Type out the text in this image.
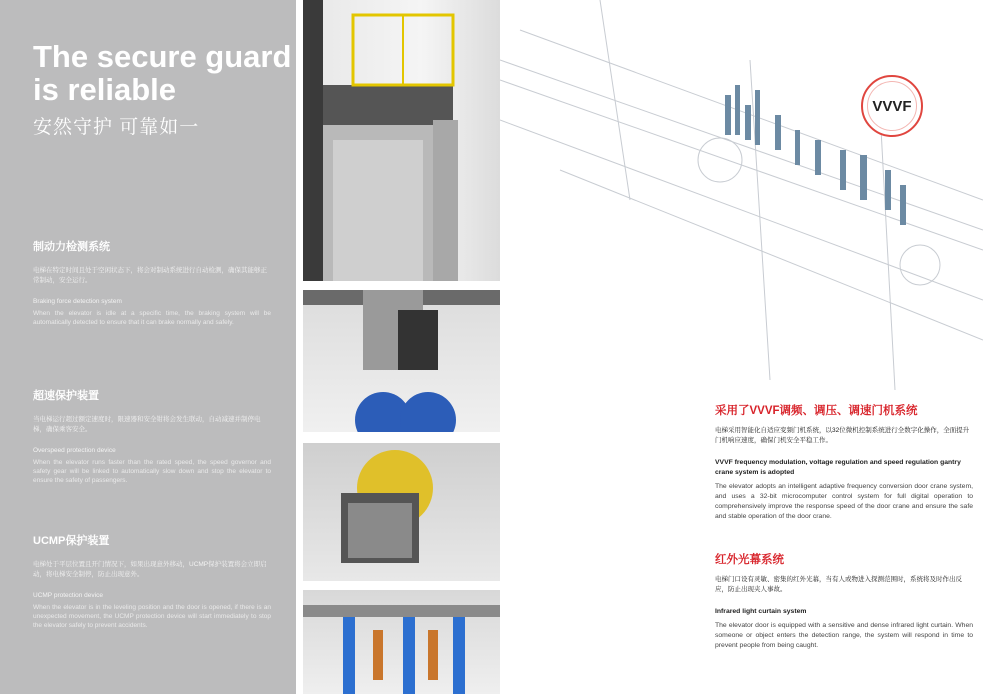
The secure guard is reliable
安然守护 可靠如一
制动力检测系统

电梯在特定时间且处于空闲状态下，将会对制动系统进行自动检测，确保其能够正常制动，安全运行。

Braking force detection system

When the elevator is idle at a specific time, the braking system will be automatically detected to ensure that it can brake normally and safely.

超速保护装置

当电梯运行超过额定速度时，限速器和安全钳将会发生联动，自动减速并制停电梯，确保乘客安全。

Overspeed protection device

When the elevator runs faster than the rated speed, the speed governor and safety gear will be linked to automatically slow down and stop the elevator to ensure the safety of passengers.

UCMP保护装置

电梯处于平层位置且开门情况下，如果出现意外移动，UCMP保护装置将会立即启动，将电梯安全制停，防止出现意外。

UCMP protection device

When the elevator is in the leveling position and the door is opened, if there is an unexpected movement, the UCMP protection device will start immediately to stop the elevator safely to prevent accidents.

VVVF
采用了VVVF调频、调压、调速门机系统

电梯采用智能化自适应变频门机系统，以32位微机控制系统进行全数字化操作，全面提升门机响应速度，确保门机安全平稳工作。

VVVF frequency modulation, voltage regulation and speed regulation gantry crane system is adopted

The elevator adopts an intelligent adaptive frequency conversion door crane system, and uses a 32-bit microcomputer control system for full digital operation to comprehensively improve the response speed of the door crane and ensure the safe and stable operation of the door crane.

红外光幕系统

电梯门口设有灵敏、密集的红外光幕，当有人或物进入探测范围时，系统将及时作出反应，防止出现夹人事故。

Infrared light curtain system

The elevator door is equipped with a sensitive and dense infrared light curtain. When someone or object enters the detection range, the system will respond in time to prevent people from being caught.
